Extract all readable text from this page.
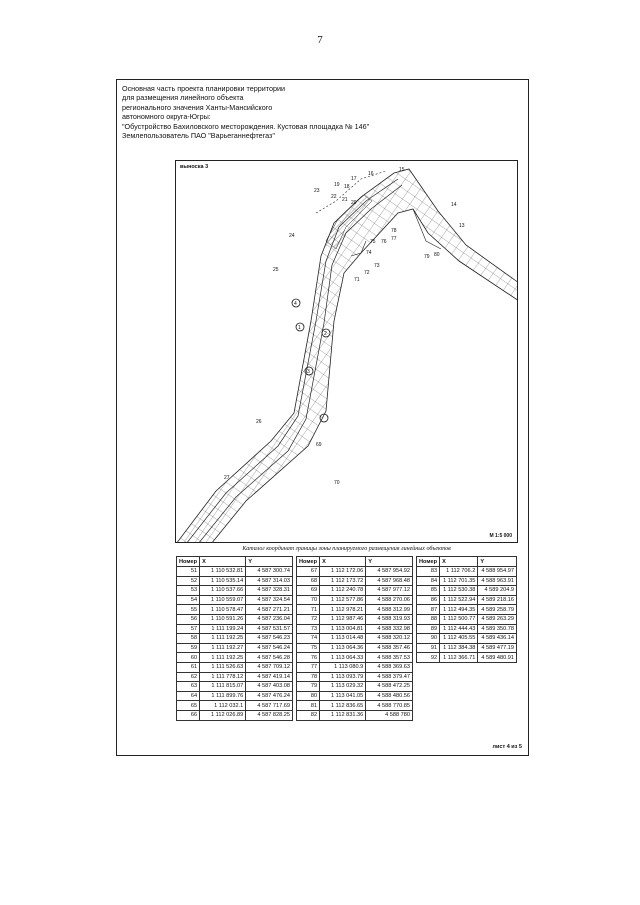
7
Основная часть проекта планировки территории
для размещения линейного объекта
регионального значения Ханты-Мансийского
автономного округа-Югры:
"Обустройство Бахиловского месторождения. Кустовая площадка № 146"
Землепользователь ПАО "Варьеганнефтегаз"
выноска 3	15
16
17
18
19
20
21
22
23
24
25
26
27
13
14
69
70
71
72
73
74
75 76 77
78
79 80
4
1
2
3
М 1:5 000
Каталог координат границы зоны планируемого размещения линейных объектов
Номер	X	Y
51	1 110 532.81	4 587 300.74
52	1 110 535.14	4 587 314.03
53	1 110 537.66	4 587 328.31
54	1 110 559.07	4 587 324.54
55	1 110 578.47	4 587 271.21
56	1 110 591.26	4 587 236.04
57	1 111 199.24	4 587 531.57
58	1 111 192.25	4 587 546.23
59	1 111 192.27	4 587 546.24
60	1 111 192.25	4 587 546.28
61	1 111 526.63	4 587 709.12
62	1 111 778.12	4 587 419.14
63	1 111 815.07	4 587 403.08
64	1 111 899.76	4 587 476.24
65	1 112 032.1	4 587 717.69
66	1 112 026.89	4 587 828.25
Номер	X	Y
67	1 112 172.06	4 587 954.92
68	1 112 173.72	4 587 968.48
69	1 112 240.78	4 587 977.12
70	1 112 577.86	4 588 270.06
71	1 112 978.21	4 588 312.99
72	1 112 987.46	4 588 319.93
73	1 113 004.81	4 588 332.98
74	1 113 014.48	4 588 320.12
75	1 113 064.36	4 588 357.46
76	1 113 064.33	4 588 357.53
77	1 113 080.9	4 588 369.63
78	1 113 093.79	4 588 379.47
79	1 113 029.32	4 588 472.25
80	1 113 041.05	4 588 480.56
81	1 112 836.65	4 588 770.85
82	1 112 831.36	4 588 780
Номер	X	Y
83	1 112 706.2	4 588 954.97
84	1 112 701.35	4 588 963.91
85	1 112 530.38	4 589 204.9
86	1 112 522.94	4 589 218.16
87	1 112 494.35	4 589 258.79
88	1 112 500.77	4 589 263.29
89	1 112 444.43	4 589 350.78
90	1 112 405.55	4 589 436.14
91	1 112 384.38	4 589 477.19
92	1 112 366.71	4 589 480.91
лист 4 из 5
